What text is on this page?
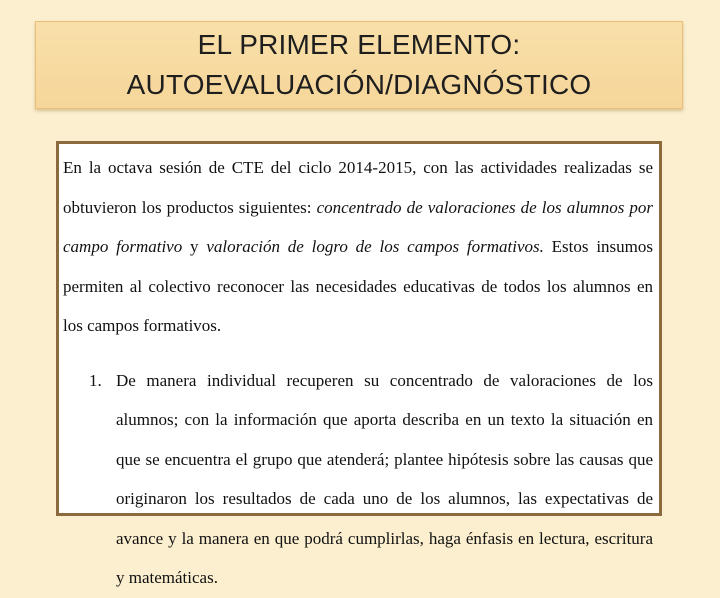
EL PRIMER ELEMENTO:
AUTOEVALUACIÓN/DIAGNÓSTICO

En la octava sesión de CTE del ciclo 2014-2015, con las actividades realizadas se obtuvieron los productos siguientes: concentrado de valoraciones de los alumnos por campo formativo y valoración de logro de los campos formativos. Estos insumos permiten al colectivo reconocer las necesidades educativas de todos los alumnos en los campos formativos.

1. De manera individual recuperen su concentrado de valoraciones de los alumnos; con la información que aporta describa en un texto la situación en que se encuentra el grupo que atenderá; plantee hipótesis sobre las causas que originaron los resultados de cada uno de los alumnos, las expectativas de avance y la manera en que podrá cumplirlas, haga énfasis en lectura, escritura y matemáticas.
